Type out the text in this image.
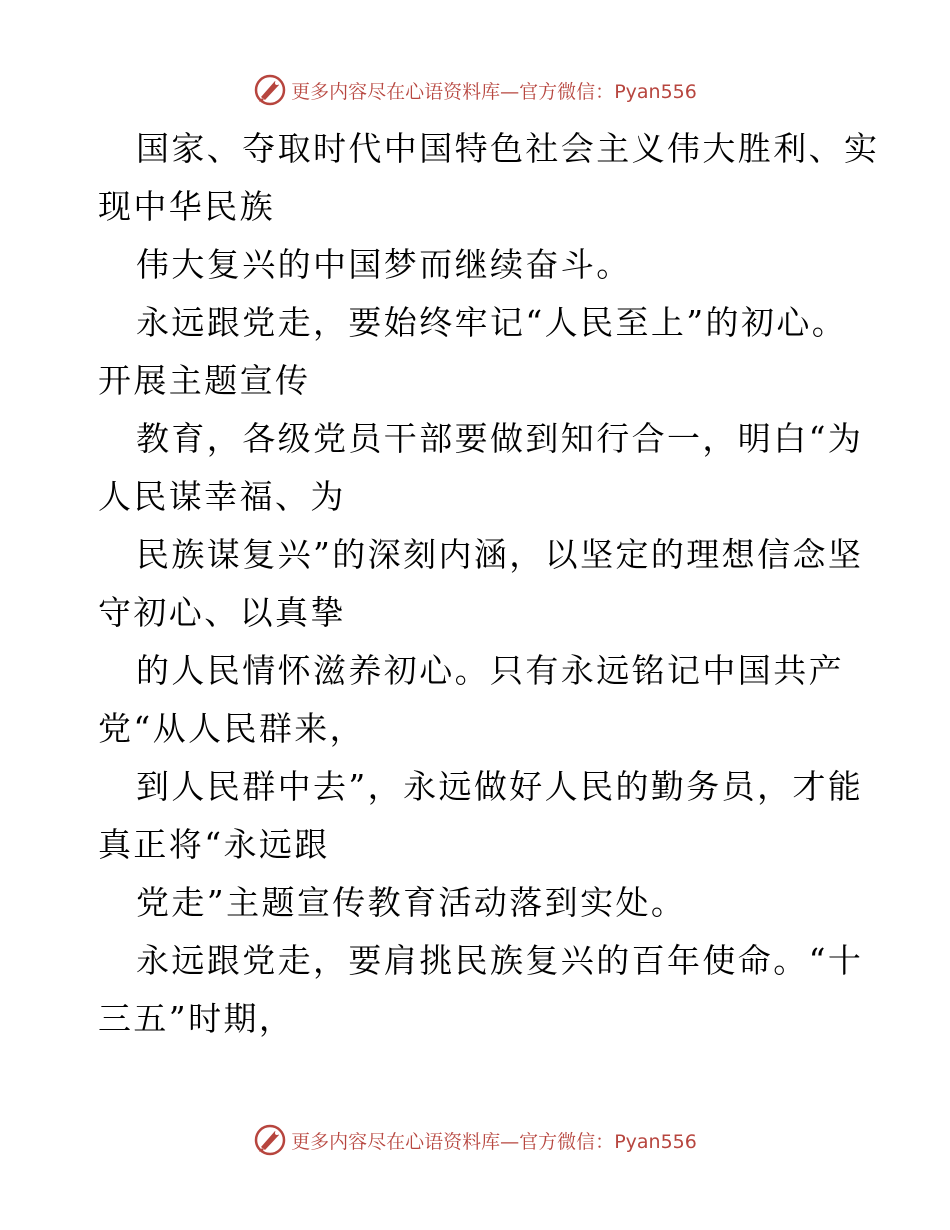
更多内容尽在心语资料库—官方微信：Pyan556
国家、夺取时代中国特色社会主义伟大胜利、实
现中华民族
伟大复兴的中国梦而继续奋斗。
永远跟党走，要始终牢记“人民至上”的初心。
开展主题宣传
教育，各级党员干部要做到知行合一，明白“为
人民谋幸福、为
民族谋复兴”的深刻内涵，以坚定的理想信念坚
守初心、以真挚
的人民情怀滋养初心。只有永远铭记中国共产
党“从人民群来，
到人民群中去”，永远做好人民的勤务员，才能
真正将“永远跟
党走”主题宣传教育活动落到实处。
永远跟党走，要肩挑民族复兴的百年使命。“十
三五”时期，
更多内容尽在心语资料库—官方微信：Pyan556
